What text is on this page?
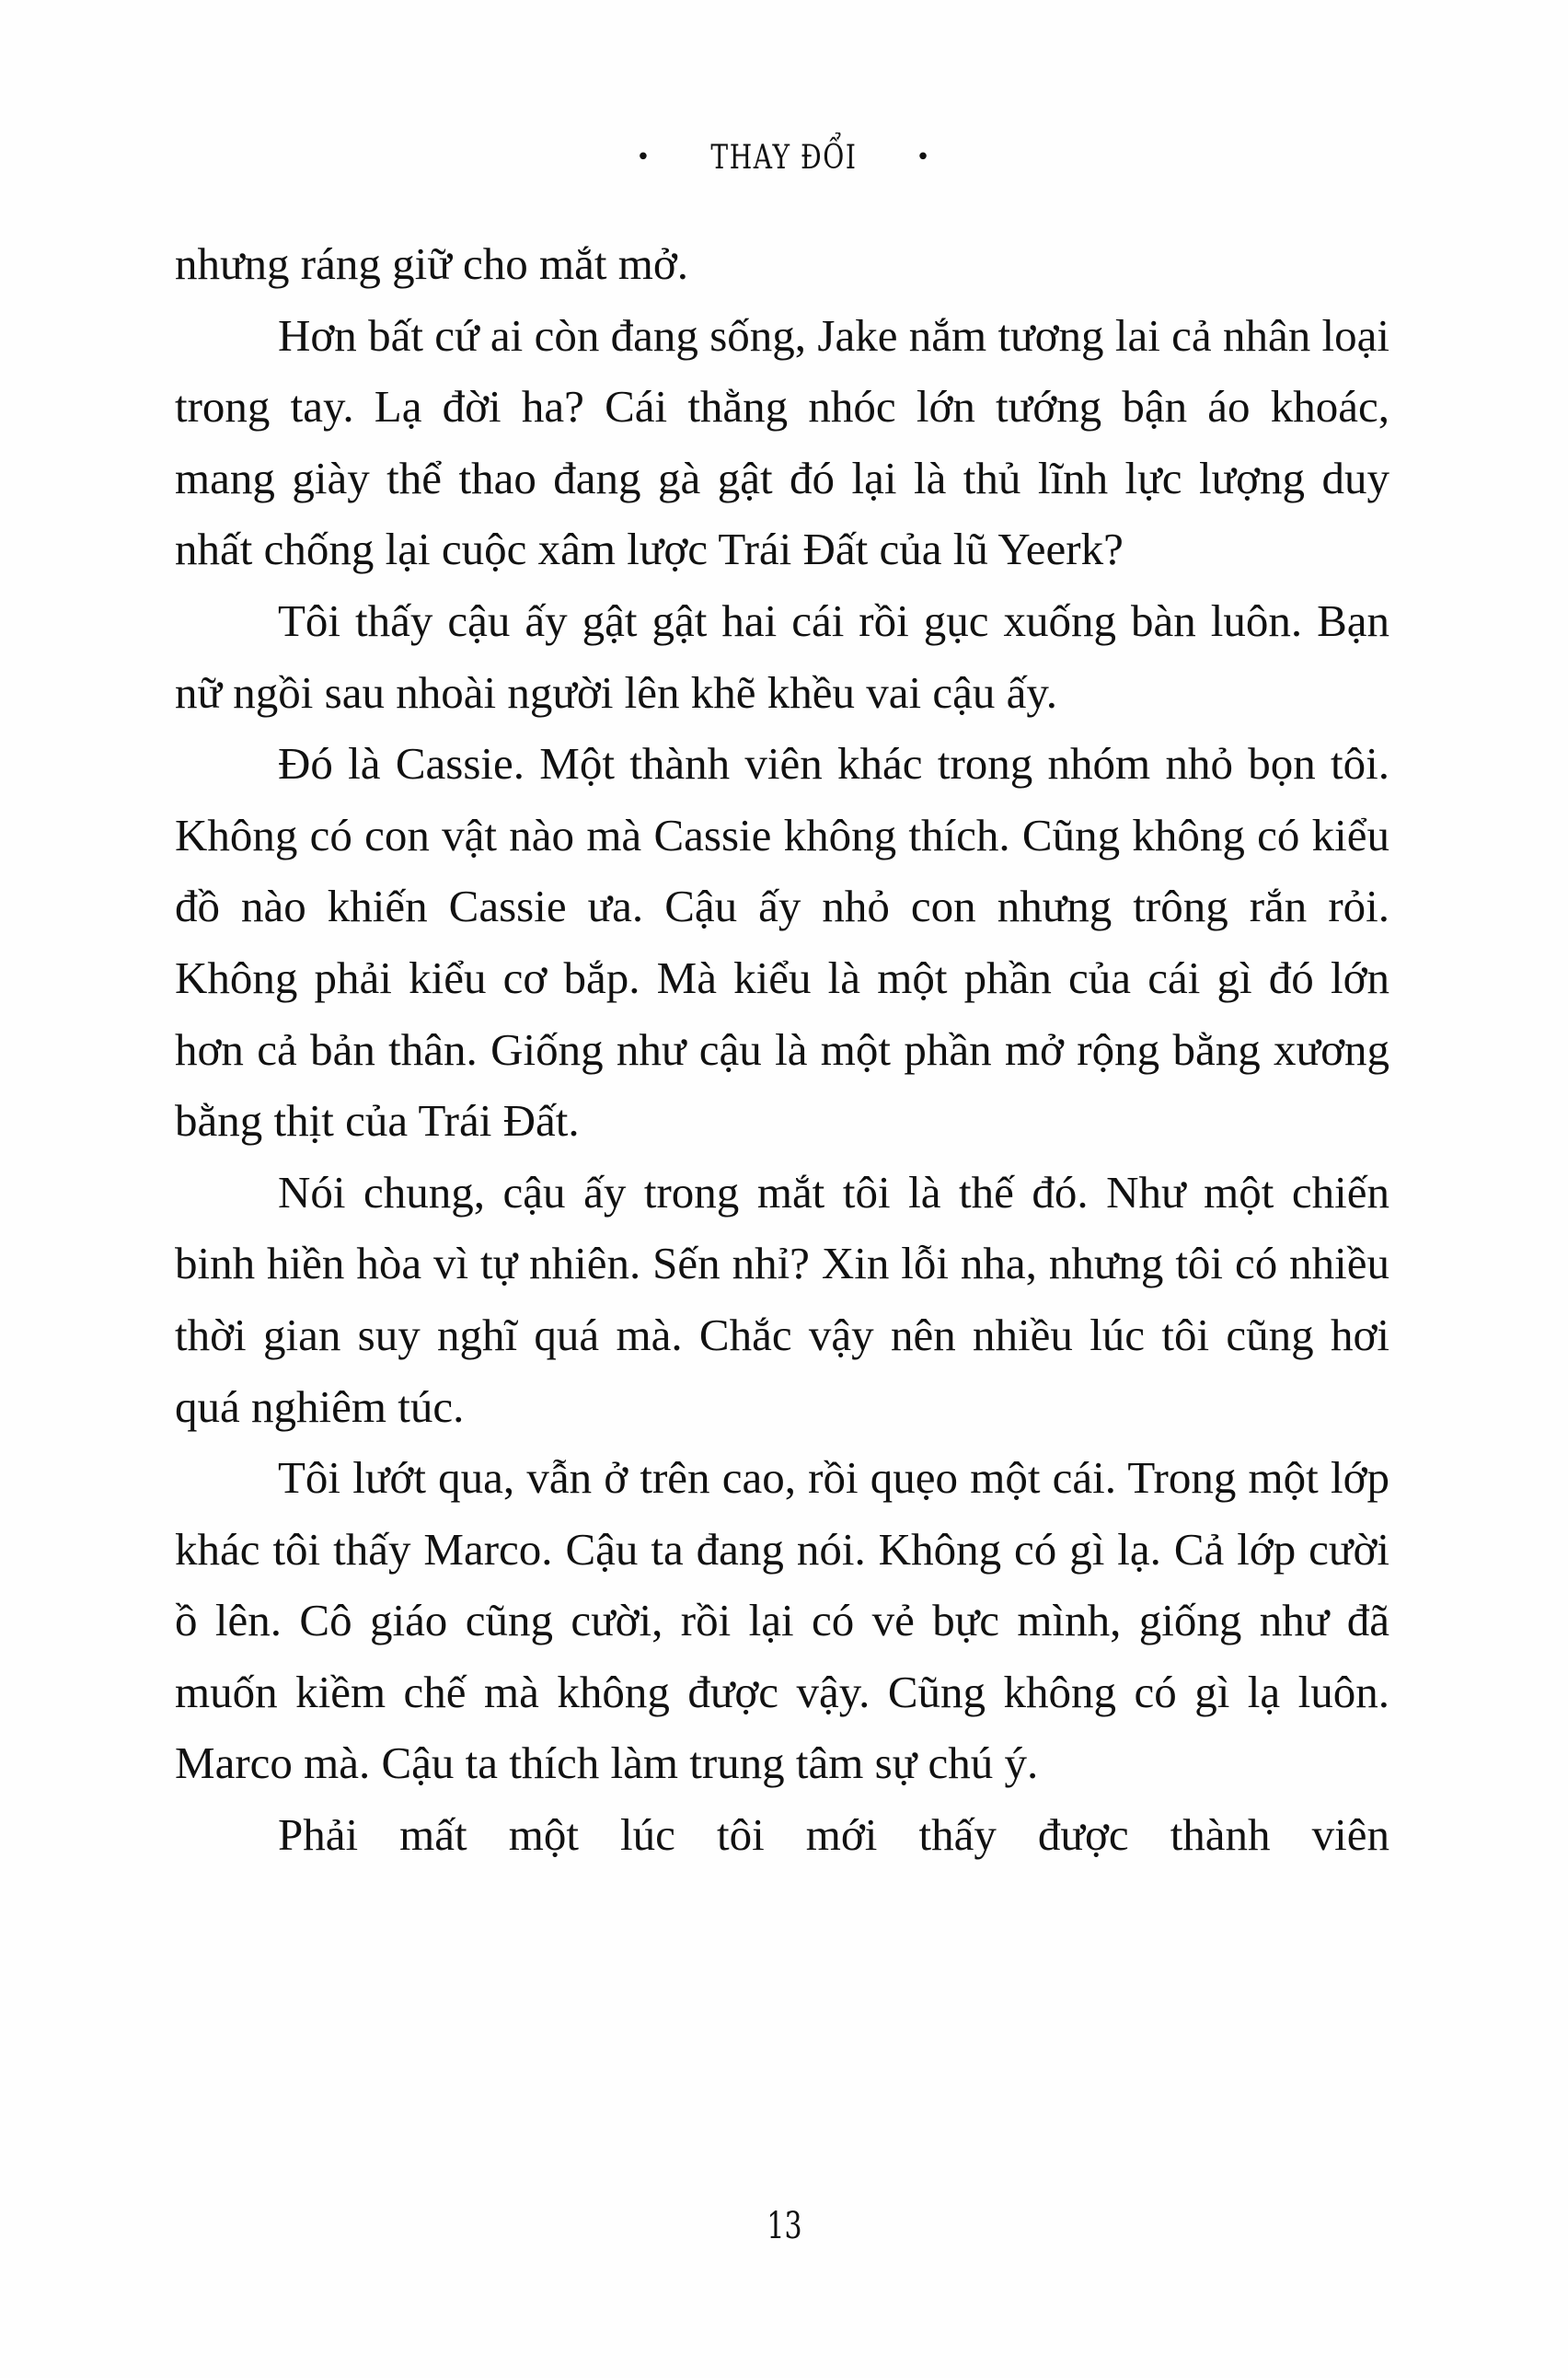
• THAY ĐỔI •

nhưng ráng giữ cho mắt mở.

Hơn bất cứ ai còn đang sống, Jake nắm tương lai cả nhân loại trong tay. Lạ đời ha? Cái thằng nhóc lớn tướng bận áo khoác, mang giày thể thao đang gà gật đó lại là thủ lĩnh lực lượng duy nhất chống lại cuộc xâm lược Trái Đất của lũ Yeerk?

Tôi thấy cậu ấy gật gật hai cái rồi gục xuống bàn luôn. Bạn nữ ngồi sau nhoài người lên khẽ khều vai cậu ấy.

Đó là Cassie. Một thành viên khác trong nhóm nhỏ bọn tôi. Không có con vật nào mà Cassie không thích. Cũng không có kiểu đồ nào khiến Cassie ưa. Cậu ấy nhỏ con nhưng trông rắn rỏi. Không phải kiểu cơ bắp. Mà kiểu là một phần của cái gì đó lớn hơn cả bản thân. Giống như cậu là một phần mở rộng bằng xương bằng thịt của Trái Đất.

Nói chung, cậu ấy trong mắt tôi là thế đó. Như một chiến binh hiền hòa vì tự nhiên. Sến nhỉ? Xin lỗi nha, nhưng tôi có nhiều thời gian suy nghĩ quá mà. Chắc vậy nên nhiều lúc tôi cũng hơi quá nghiêm túc.

Tôi lướt qua, vẫn ở trên cao, rồi quẹo một cái. Trong một lớp khác tôi thấy Marco. Cậu ta đang nói. Không có gì lạ. Cả lớp cười ồ lên. Cô giáo cũng cười, rồi lại có vẻ bực mình, giống như đã muốn kiềm chế mà không được vậy. Cũng không có gì lạ luôn. Marco mà. Cậu ta thích làm trung tâm sự chú ý.

Phải mất một lúc tôi mới thấy được thành viên

13
